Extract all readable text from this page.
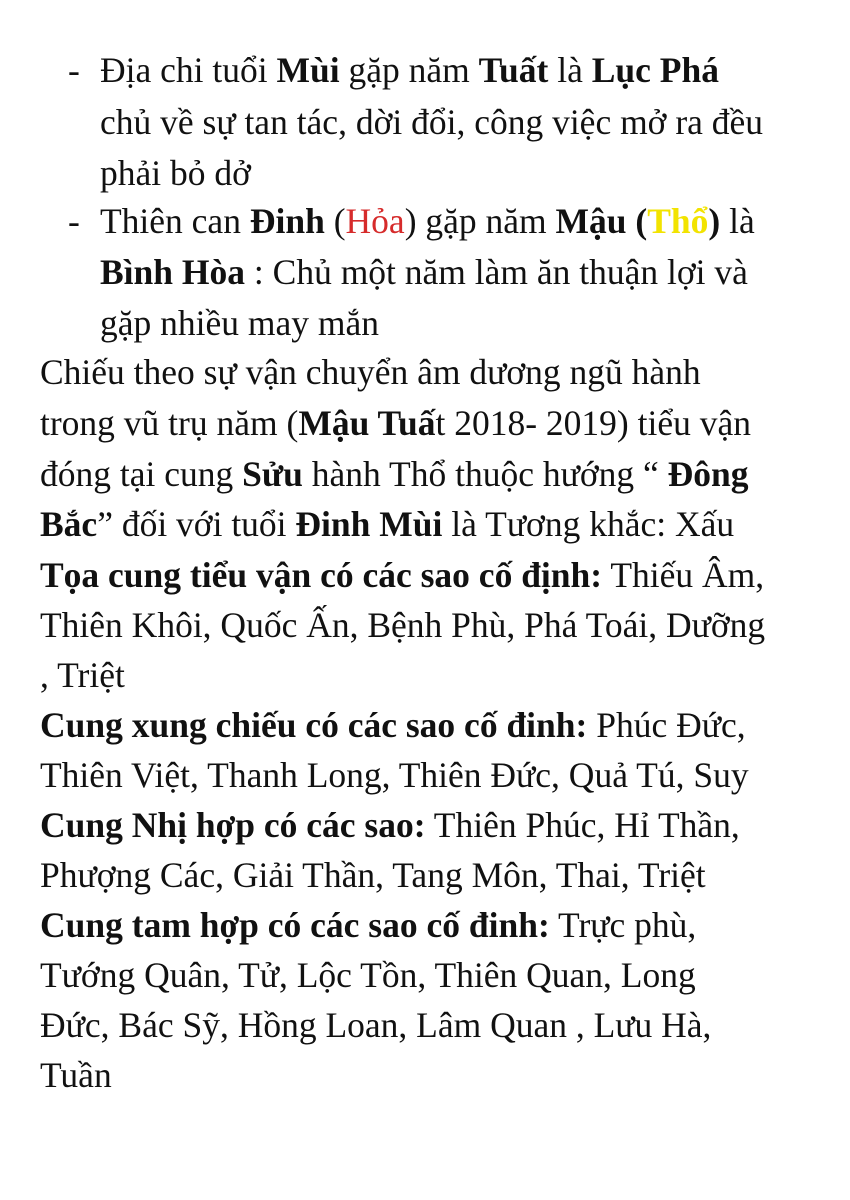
- Địa chi tuổi Mùi gặp năm Tuất là Lục Phá
chủ về sự tan tác, dời đổi, công việc mở ra đều
phải bỏ dở
- Thiên can Đinh (Hỏa) gặp năm Mậu (Thổ) là
Bình Hòa : Chủ một năm làm ăn thuận lợi và
gặp nhiều may mắn
Chiếu theo sự vận chuyển âm dương ngũ hành
trong vũ trụ năm (Mậu Tuất 2018- 2019) tiểu vận
đóng tại cung Sửu hành Thổ thuộc hướng “ Đông
Bắc” đối với tuổi Đinh Mùi là Tương khắc: Xấu
Tọa cung tiểu vận có các sao cố định: Thiếu Âm,
Thiên Khôi, Quốc Ấn, Bệnh Phù, Phá Toái, Dưỡng
, Triệt
Cung xung chiếu có các sao cố đinh: Phúc Đức,
Thiên Việt, Thanh Long, Thiên Đức, Quả Tú, Suy
Cung Nhị hợp có các sao: Thiên Phúc, Hỉ Thần,
Phượng Các, Giải Thần, Tang Môn, Thai, Triệt
Cung tam hợp có các sao cố đinh: Trực phù,
Tướng Quân, Tử, Lộc Tồn, Thiên Quan, Long
Đức, Bác Sỹ, Hồng Loan, Lâm Quan , Lưu Hà,
Tuần
